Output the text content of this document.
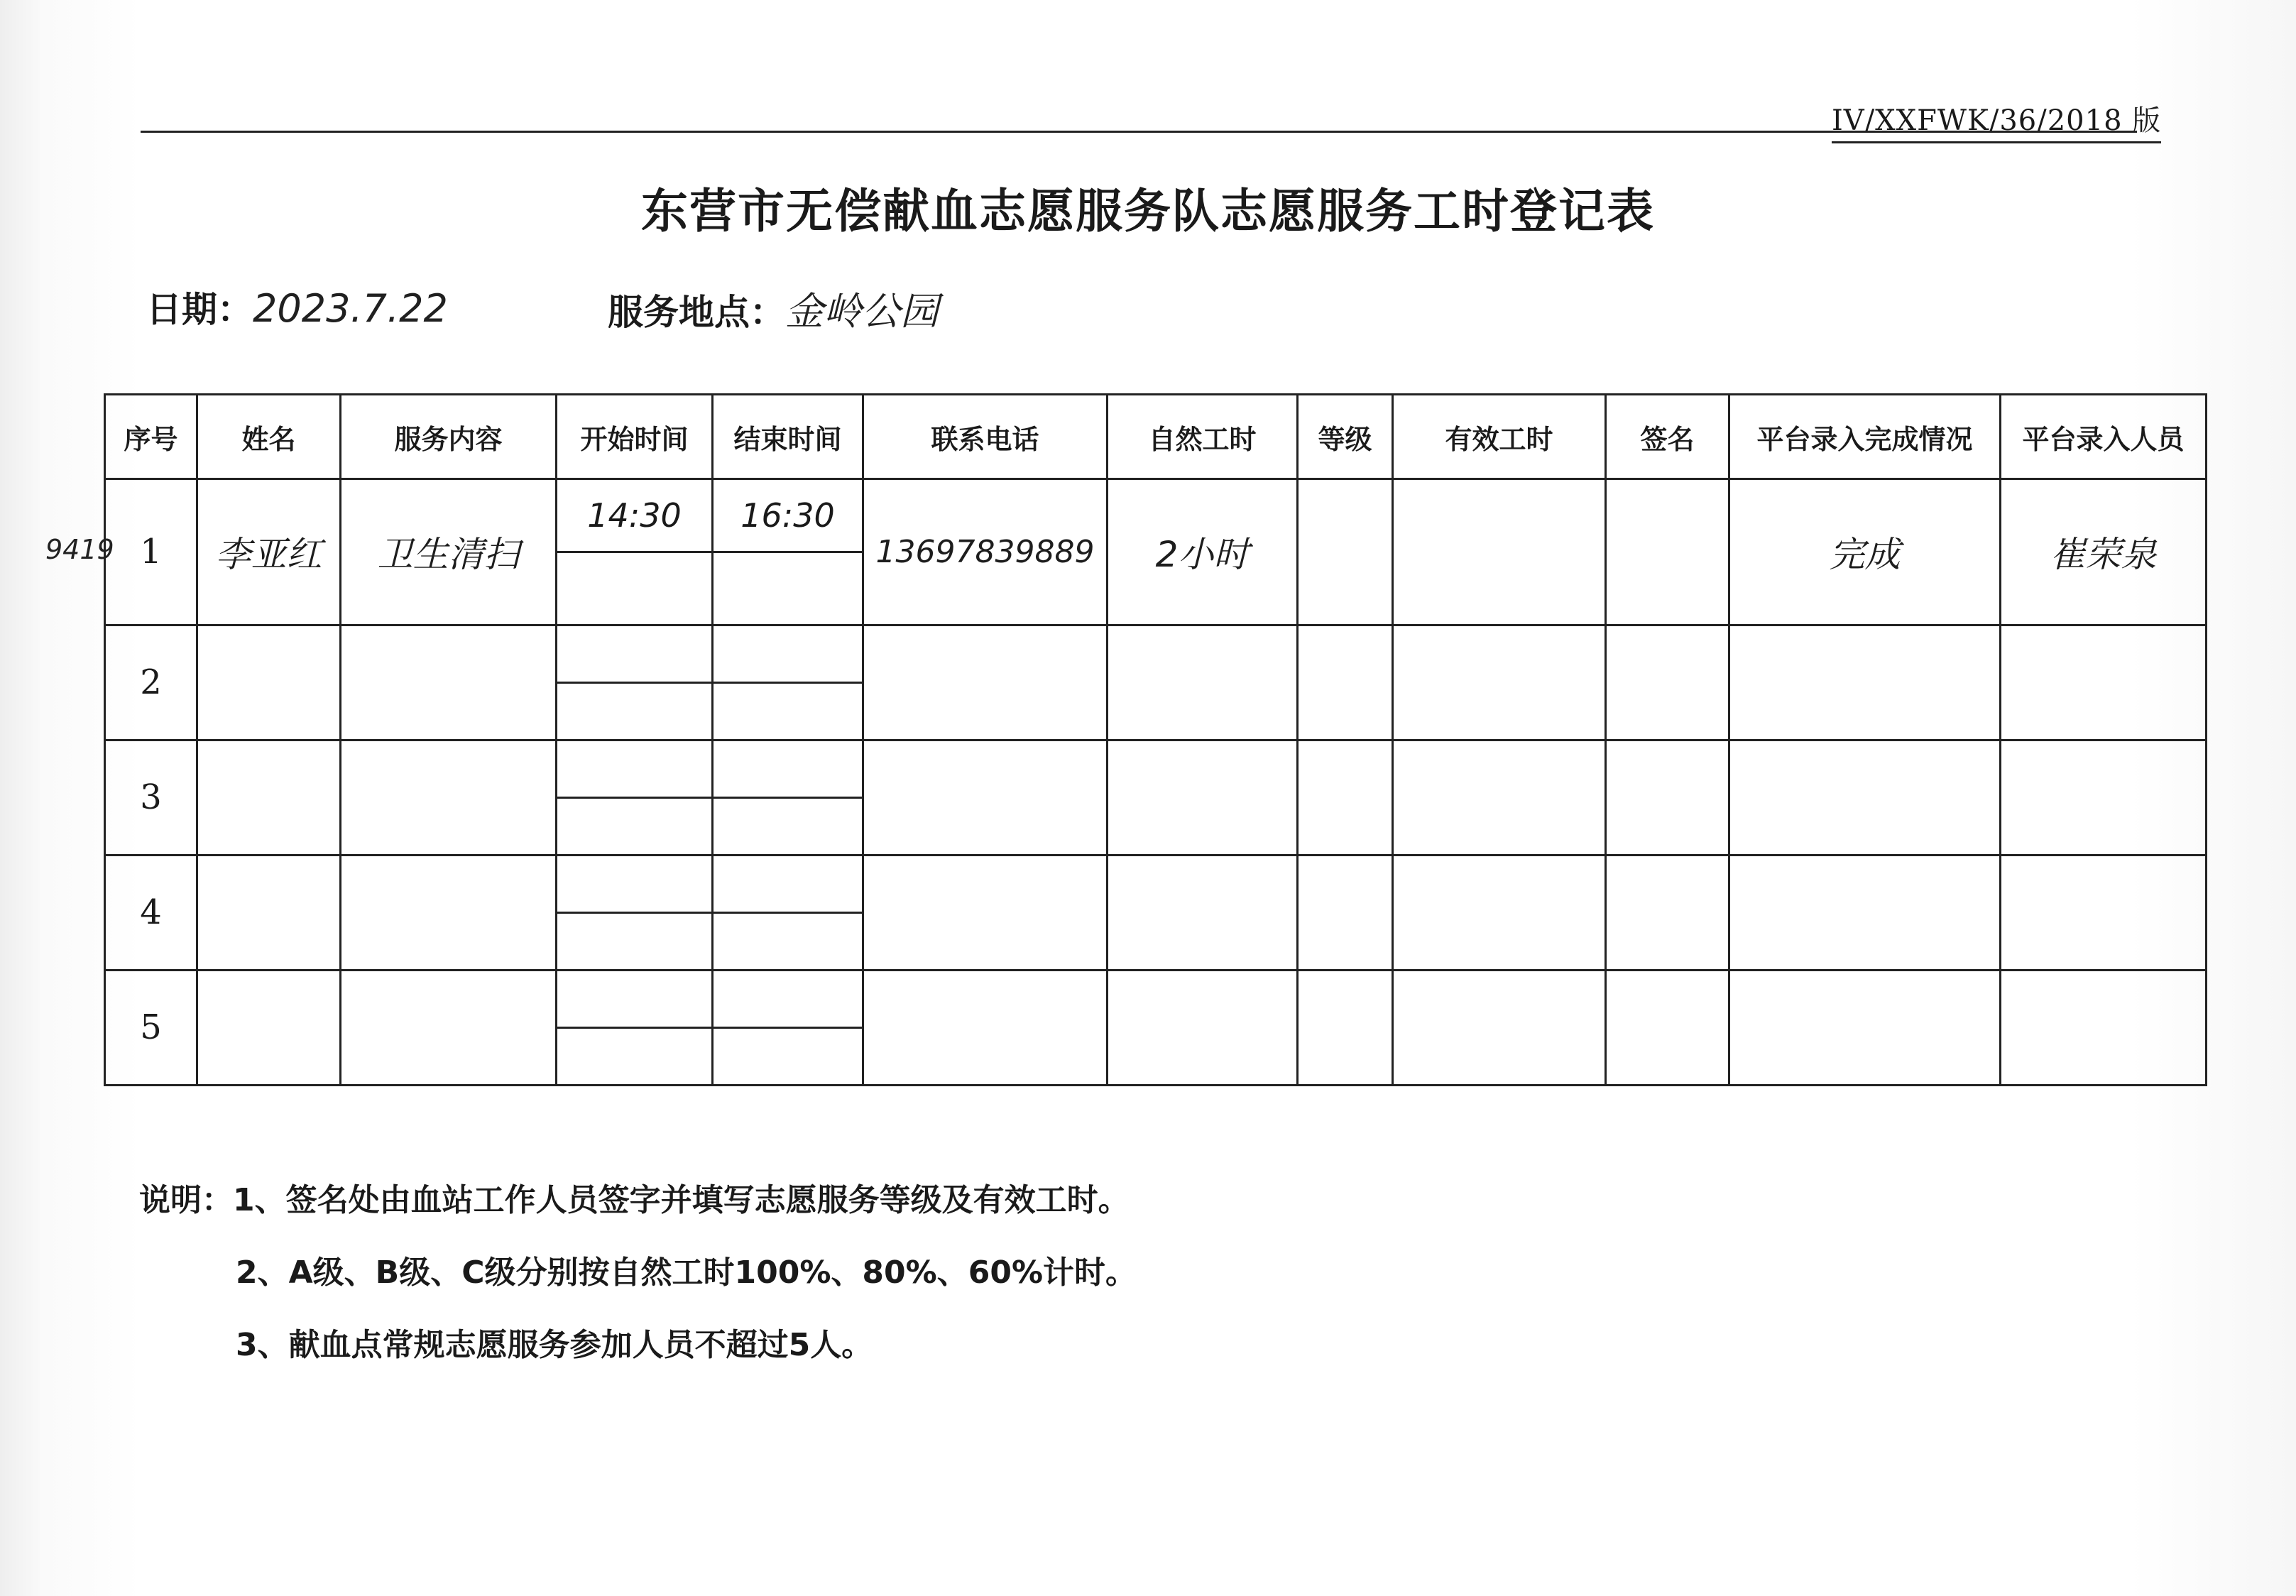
IV/XXFWK/36/2018 版
东营市无偿献血志愿服务队志愿服务工时登记表
日期：2023.7.22	服务地点：金岭公园
9419
序号	姓名	服务内容	开始时间	结束时间	联系电话	自然工时	等级	有效工时	签名	平台录入完成情况	平台录入人员
1	李亚红	卫生清扫	14:30	16:30	13697839889	2小时				完成	崔荣泉
2			

3			

4			

5			

说明：1、签名处由血站工作人员签字并填写志愿服务等级及有效工时。
2、A级、B级、C级分别按自然工时100%、80%、60%计时。
3、献血点常规志愿服务参加人员不超过5人。
